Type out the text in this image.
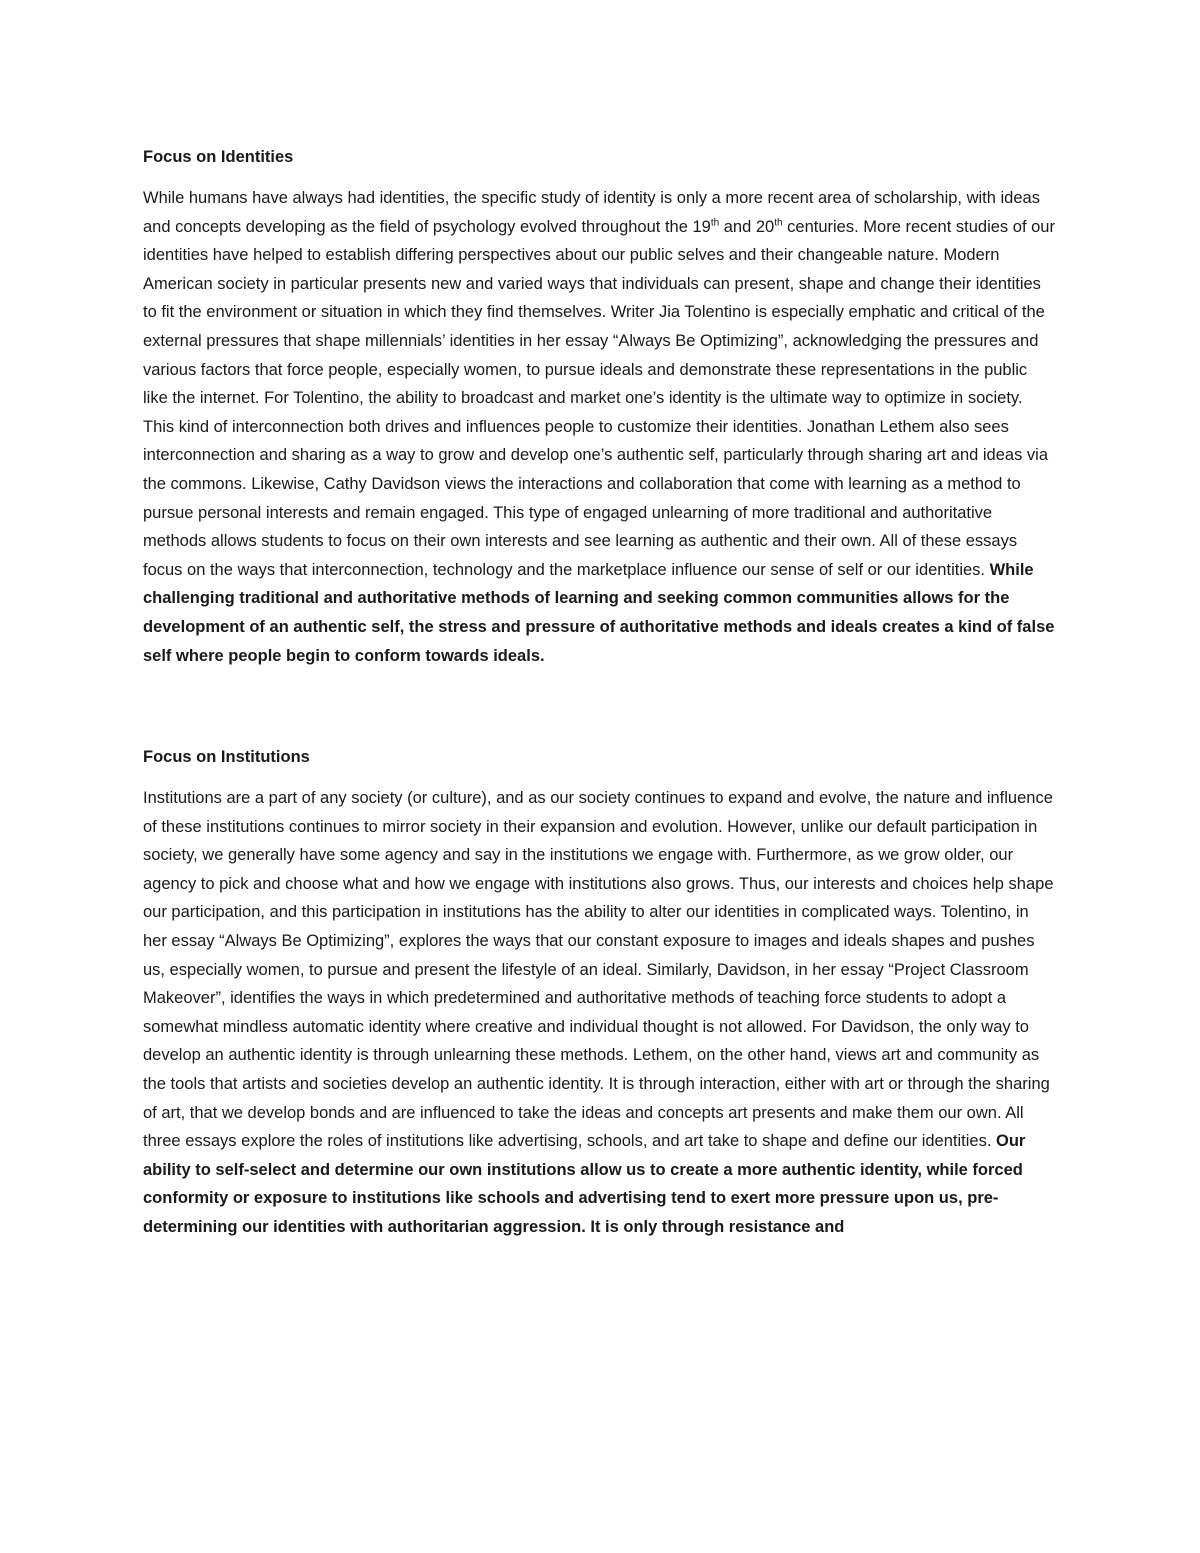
Focus on Identities

While humans have always had identities, the specific study of identity is only a more recent area of scholarship, with ideas and concepts developing as the field of psychology evolved throughout the 19th and 20th centuries. More recent studies of our identities have helped to establish differing perspectives about our public selves and their changeable nature. Modern American society in particular presents new and varied ways that individuals can present, shape and change their identities to fit the environment or situation in which they find themselves. Writer Jia Tolentino is especially emphatic and critical of the external pressures that shape millennials’ identities in her essay “Always Be Optimizing”, acknowledging the pressures and various factors that force people, especially women, to pursue ideals and demonstrate these representations in the public like the internet. For Tolentino, the ability to broadcast and market one’s identity is the ultimate way to optimize in society. This kind of interconnection both drives and influences people to customize their identities. Jonathan Lethem also sees interconnection and sharing as a way to grow and develop one’s authentic self, particularly through sharing art and ideas via the commons. Likewise, Cathy Davidson views the interactions and collaboration that come with learning as a method to pursue personal interests and remain engaged. This type of engaged unlearning of more traditional and authoritative methods allows students to focus on their own interests and see learning as authentic and their own. All of these essays focus on the ways that interconnection, technology and the marketplace influence our sense of self or our identities. While challenging traditional and authoritative methods of learning and seeking common communities allows for the development of an authentic self, the stress and pressure of authoritative methods and ideals creates a kind of false self where people begin to conform towards ideals.

Focus on Institutions

Institutions are a part of any society (or culture), and as our society continues to expand and evolve, the nature and influence of these institutions continues to mirror society in their expansion and evolution. However, unlike our default participation in society, we generally have some agency and say in the institutions we engage with. Furthermore, as we grow older, our agency to pick and choose what and how we engage with institutions also grows. Thus, our interests and choices help shape our participation, and this participation in institutions has the ability to alter our identities in complicated ways. Tolentino, in her essay “Always Be Optimizing”, explores the ways that our constant exposure to images and ideals shapes and pushes us, especially women, to pursue and present the lifestyle of an ideal. Similarly, Davidson, in her essay “Project Classroom Makeover”, identifies the ways in which predetermined and authoritative methods of teaching force students to adopt a somewhat mindless automatic identity where creative and individual thought is not allowed. For Davidson, the only way to develop an authentic identity is through unlearning these methods. Lethem, on the other hand, views art and community as the tools that artists and societies develop an authentic identity. It is through interaction, either with art or through the sharing of art, that we develop bonds and are influenced to take the ideas and concepts art presents and make them our own. All three essays explore the roles of institutions like advertising, schools, and art take to shape and define our identities. Our ability to self-select and determine our own institutions allow us to create a more authentic identity, while forced conformity or exposure to institutions like schools and advertising tend to exert more pressure upon us, pre-determining our identities with authoritarian aggression. It is only through resistance and
